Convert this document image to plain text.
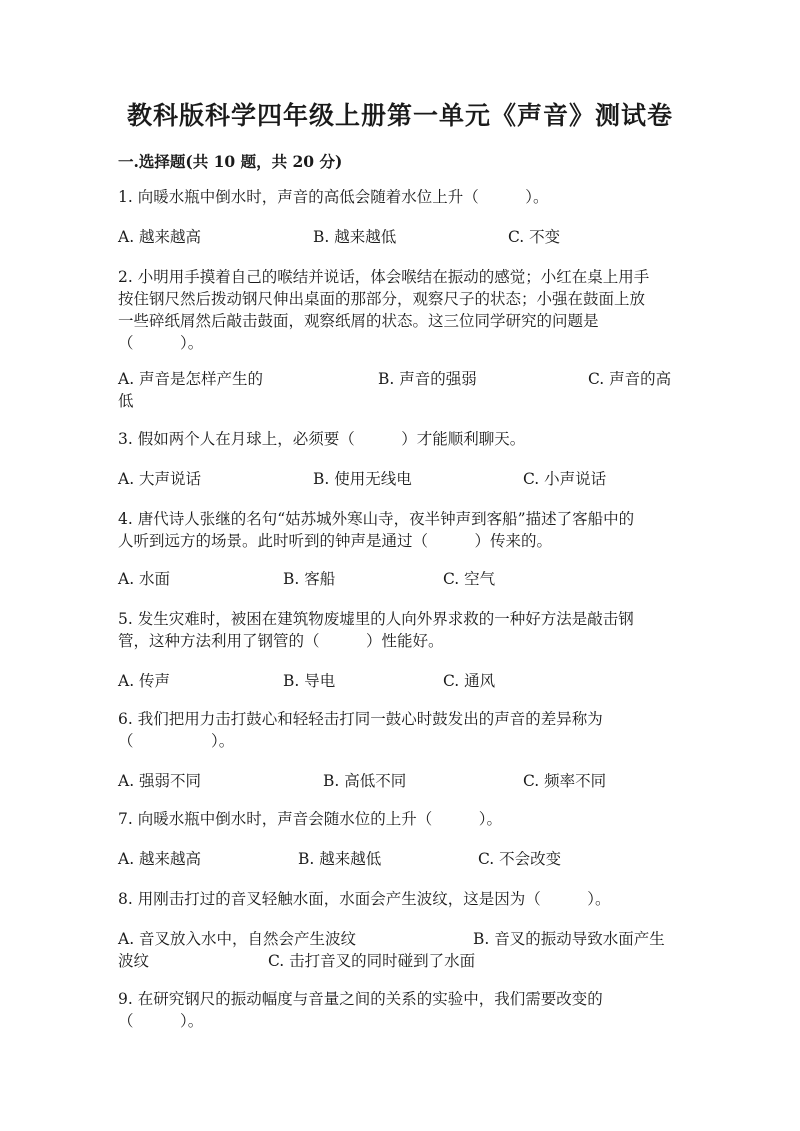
教科版科学四年级上册第一单元《声音》测试卷
一.选择题(共 10 题，共 20 分)
1. 向暖水瓶中倒水时，声音的高低会随着水位上升（　　　）。
A. 越来越高	B. 越来越低	C. 不变
2. 小明用手摸着自己的喉结并说话，体会喉结在振动的感觉；小红在桌上用手
按住钢尺然后拨动钢尺伸出桌面的那部分，观察尺子的状态；小强在鼓面上放
一些碎纸屑然后敲击鼓面，观察纸屑的状态。这三位同学研究的问题是
（　　　）。
A. 声音是怎样产生的	B. 声音的强弱	C. 声音的高
低
3. 假如两个人在月球上，必须要（　　　）才能顺利聊天。
A. 大声说话	B. 使用无线电	C. 小声说话
4. 唐代诗人张继的名句“姑苏城外寒山寺，夜半钟声到客船”描述了客船中的
人听到远方的场景。此时听到的钟声是通过（　　　）传来的。
A. 水面	B. 客船	C. 空气
5. 发生灾难时，被困在建筑物废墟里的人向外界求救的一种好方法是敲击钢
管，这种方法利用了钢管的（　　　）性能好。
A. 传声	B. 导电	C. 通风
6. 我们把用力击打鼓心和轻轻击打同一鼓心时鼓发出的声音的差异称为
（　　　　　）。
A. 强弱不同	B. 高低不同	C. 频率不同
7. 向暖水瓶中倒水时，声音会随水位的上升（　　　）。
A. 越来越高	B. 越来越低	C. 不会改变
8. 用刚击打过的音叉轻触水面，水面会产生波纹，这是因为（　　　）。
A. 音叉放入水中，自然会产生波纹	B. 音叉的振动导致水面产生
波纹	C. 击打音叉的同时碰到了水面
9. 在研究钢尺的振动幅度与音量之间的关系的实验中，我们需要改变的
（　　　）。
